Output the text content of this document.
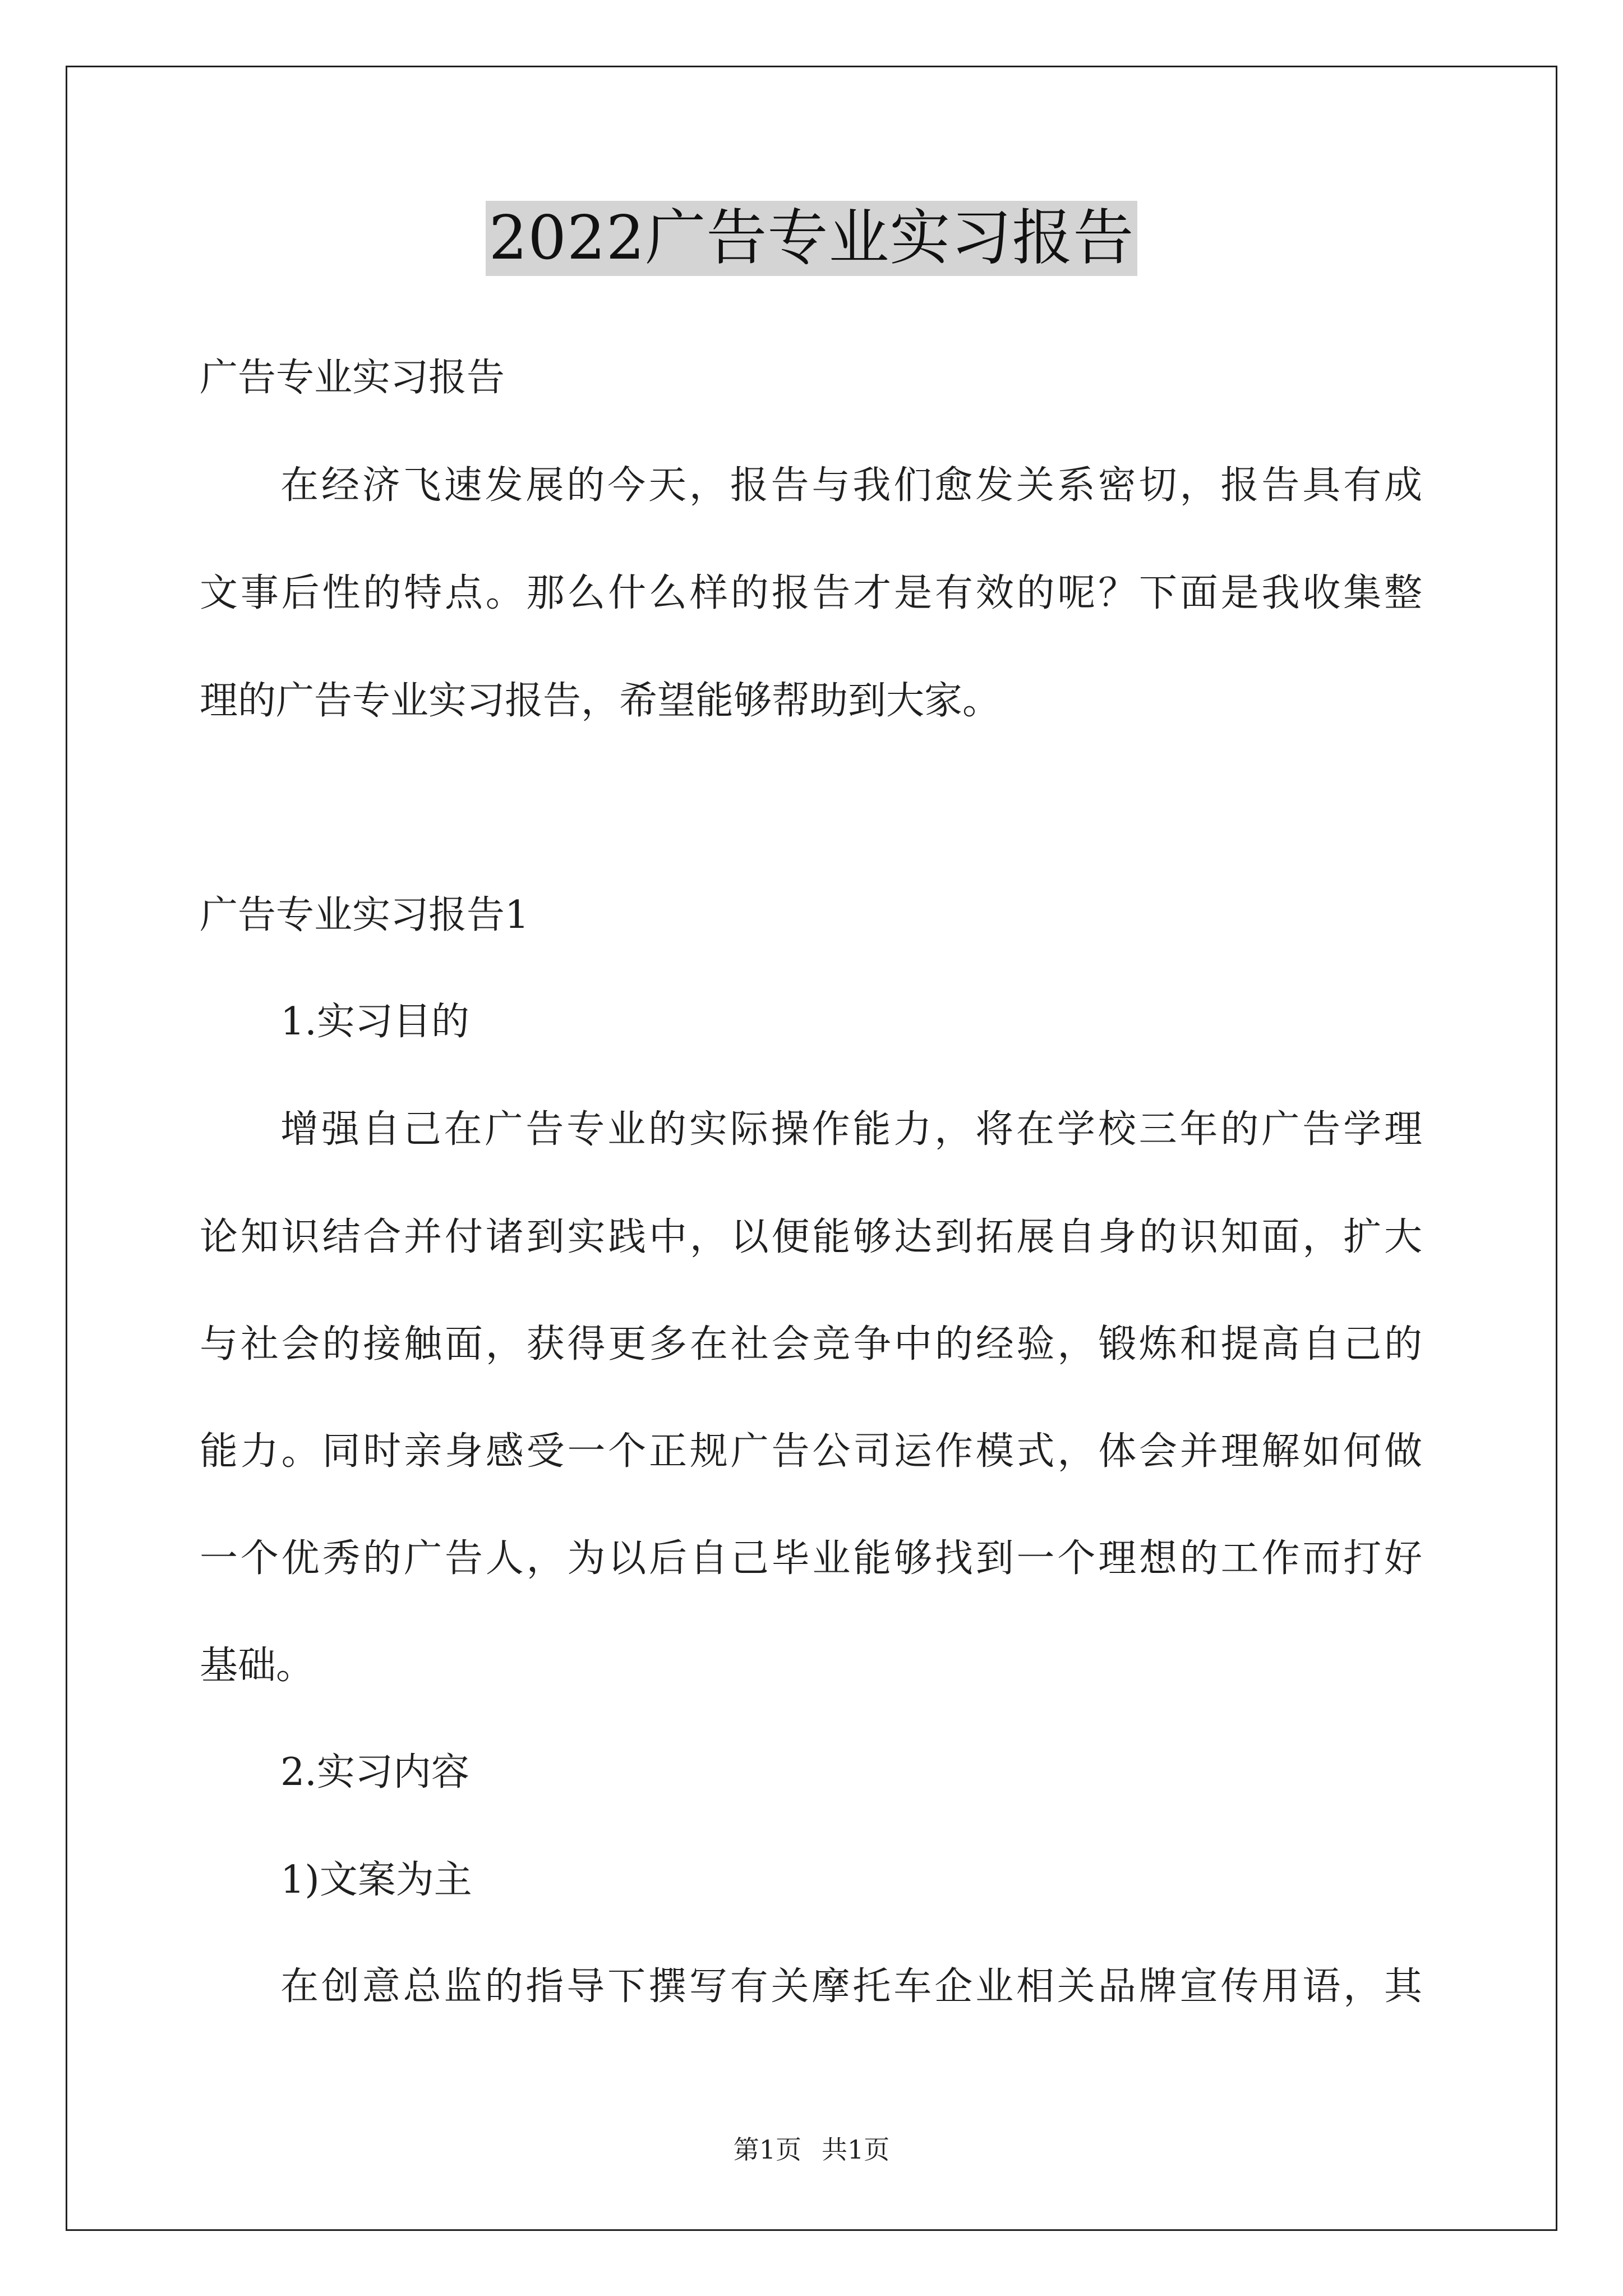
2022广告专业实习报告
广告专业实习报告
在经济飞速发展的今天，报告与我们愈发关系密切，报告具有成
文事后性的特点。那么什么样的报告才是有效的呢？下面是我收集整
理的广告专业实习报告，希望能够帮助到大家。
广告专业实习报告1
1.实习目的
增强自己在广告专业的实际操作能力，将在学校三年的广告学理
论知识结合并付诸到实践中，以便能够达到拓展自身的识知面，扩大
与社会的接触面，获得更多在社会竞争中的经验，锻炼和提高自己的
能力。同时亲身感受一个正规广告公司运作模式，体会并理解如何做
一个优秀的广告人，为以后自己毕业能够找到一个理想的工作而打好
基础。
2.实习内容
1)文案为主
在创意总监的指导下撰写有关摩托车企业相关品牌宣传用语，其
第1页 共1页
